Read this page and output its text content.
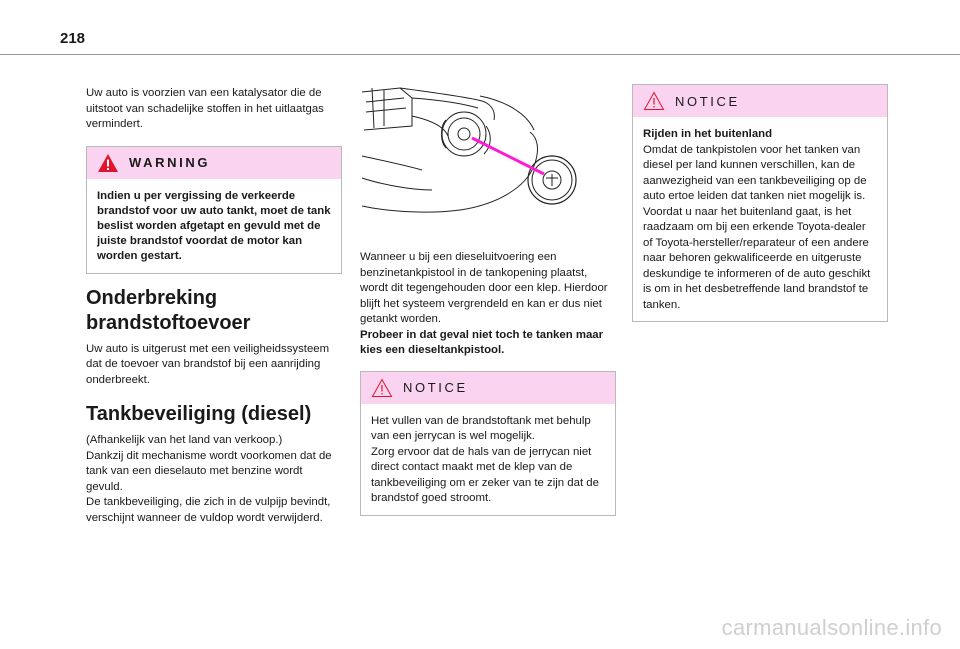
218

Uw auto is voorzien van een katalysator die de uitstoot van schadelijke stoffen in het uitlaatgas vermindert.

WARNING

Indien u per vergissing de verkeerde brandstof voor uw auto tankt, moet de tank beslist worden afgetapt en gevuld met de juiste brandstof voordat de motor kan worden gestart.

Onderbreking brandstoftoevoer

Uw auto is uitgerust met een veiligheidssysteem dat de toevoer van brandstof bij een aanrijding onderbreekt.

Tankbeveiliging (diesel)

(Afhankelijk van het land van verkoop.)

Dankzij dit mechanisme wordt voorkomen dat de tank van een dieselauto met benzine wordt gevuld.

De tankbeveiliging, die zich in de vulpijp bevindt, verschijnt wanneer de vuldop wordt verwijderd.

Wanneer u bij een dieseluitvoering een benzinetankpistool in de tankopening plaatst, wordt dit tegengehouden door een klep. Hierdoor blijft het systeem vergrendeld en kan er dus niet getankt worden.

Probeer in dat geval niet toch te tanken maar kies een dieseltankpistool.

NOTICE

Het vullen van de brandstoftank met behulp van een jerrycan is wel mogelijk.

Zorg ervoor dat de hals van de jerrycan niet direct contact maakt met de klep van de tankbeveiliging om er zeker van te zijn dat de brandstof goed stroomt.

NOTICE

Rijden in het buitenland

Omdat de tankpistolen voor het tanken van diesel per land kunnen verschillen, kan de aanwezigheid van een tankbeveiliging op de auto ertoe leiden dat tanken niet mogelijk is. Voordat u naar het buitenland gaat, is het raadzaam om bij een erkende Toyota-dealer of Toyota-hersteller/reparateur of een andere naar behoren gekwalificeerde en uitgeruste deskundige te informeren of de auto geschikt is om in het desbetreffende land brandstof te tanken.

carmanualsonline.info
